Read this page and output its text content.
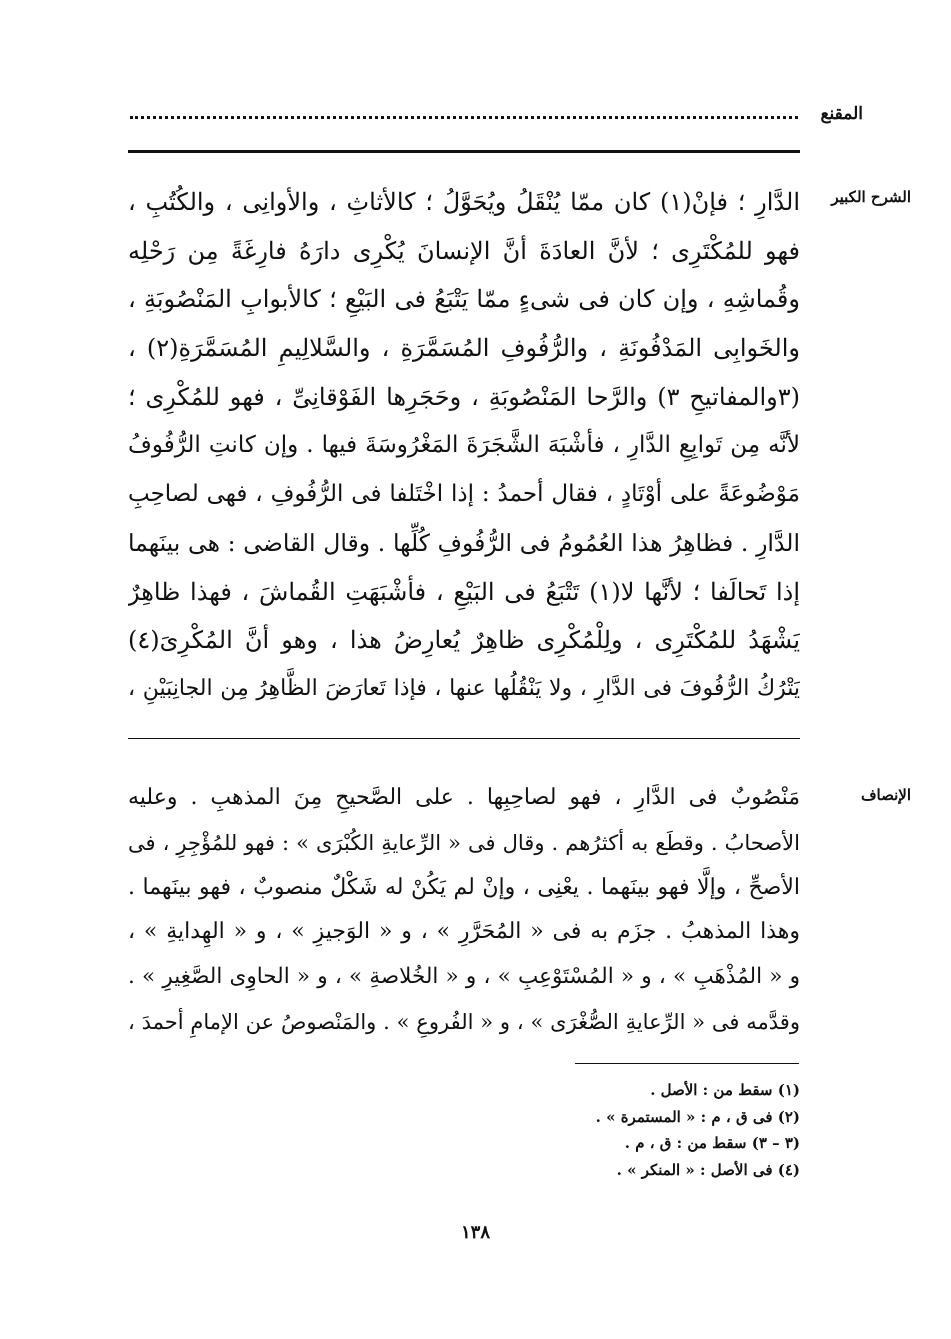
المقنع
الشرح الكبير
الدَّارِ ؛ فإنْ(١) كان ممّا يُنْقَلُ ويُحَوَّلُ ؛ كالأثاثِ ، والأوانِى ، والكُتُبِ ،
فهو للمُكْتَرِى ؛ لأنَّ العادَةَ أنَّ الإنسانَ يُكْرِى دارَهُ فارِغَةً مِن رَحْلِه
وقُماشِهِ ، وإن كان فى شىءٍ ممّا يَتْبَعُ فى البَيْعِ ؛ كالأبوابِ المَنْصُوبَةِ ،
والخَوابِى المَدْفُونَةِ ، والرُّفُوفِ المُسَمَّرَةِ ، والسَّلالِيمِ المُسَمَّرَةِ(٢) ،
(٣والمفاتيحِ ٣) والرَّحا المَنْصُوبَةِ ، وحَجَرِها الفَوْقانِىِّ ، فهو للمُكْرِى ؛
لأنَّه مِن تَوابِعِ الدَّارِ ، فأشْبَهَ الشَّجَرَةَ المَغْرُوسَةَ فيها . وإن كانتِ الرُّفُوفُ
مَوْضُوعَةً على أوْتَادٍ ، فقال أحمدُ : إذا اخْتَلفا فى الرُّفُوفِ ، فهى لصاحِبِ
الدَّارِ . فظاهِرُ هذا العُمُومُ فى الرُّفُوفِ كُلِّها . وقال القاضى : هى بينَهما
إذا تَحالَفا ؛ لأنَّها لا(١) تَتْبَعُ فى البَيْعِ ، فأشْبَهَتِ القُماشَ ، فهذا ظاهِرٌ
يَشْهَدُ للمُكْتَرِى ، ولِلْمُكْرِى ظاهِرٌ يُعارِضُ هذا ، وهو أنَّ المُكْرِىَ(٤)
يَتْرُكُ الرُّفُوفَ فى الدَّارِ ، ولا يَنْقُلُها عنها ، فإذا تَعارَضَ الظَّاهِرُ مِن الجانِبَيْنِ ،
الإنصاف
مَنْصُوبٌ فى الدَّارِ ، فهو لصاحِبِها . على الصَّحيحِ مِنَ المذهبِ . وعليه
الأصحابُ . وقطَع به أكثرُهم . وقال فى « الرِّعايةِ الكُبْرَى » : فهو للمُؤْجِرِ ، فى
الأصحِّ ، وإلَّا فهو بينَهما . يعْنِى ، وإنْ لم يَكُنْ له شَكْلٌ منصوبٌ ، فهو بينَهما .
وهذا المذهبُ . جزَم به فى « المُحَرَّرِ » ، و « الوَجيزِ » ، و « الهِدايةِ » ،
و « المُذْهَبِ » ، و « المُسْتَوْعِبِ » ، و « الخُلاصةِ » ، و « الحاوِى الصَّغِيرِ » .
وقدَّمه فى « الرِّعايةِ الصُّغْرَى » ، و « الفُروعِ » . والمَنْصوصُ عن الإمامِ أحمدَ ،
(١) سقط من : الأصل .
(٢) فى ق ، م : « المستمرة » .
(٣ – ٣) سقط من : ق ، م .
(٤) فى الأصل : « المنكر » .
١٣٨
